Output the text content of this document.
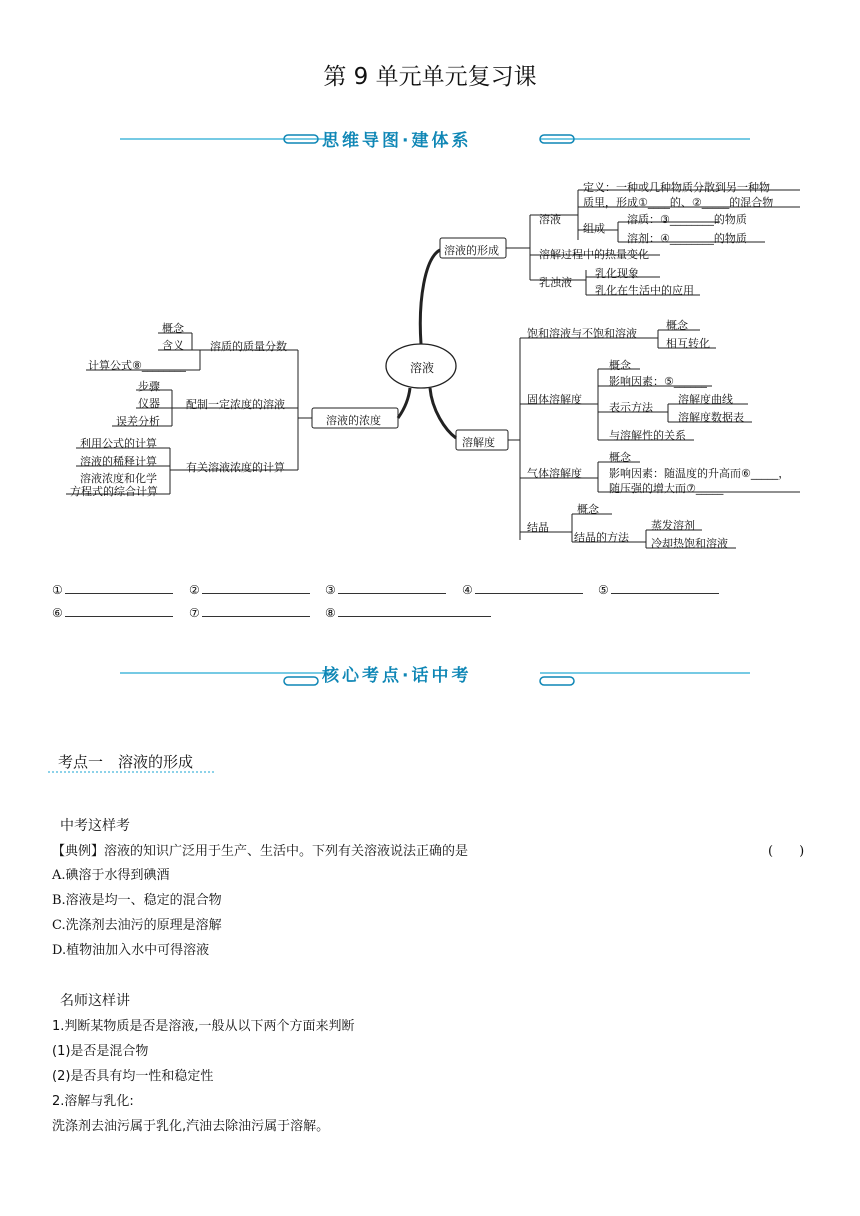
第 9 单元单元复习课
思维导图·建体系
核心考点·话中考
溶液
溶液的形成
溶液
定义：一种或几种物质分散到另一种物
质里，形成①____的、②_____的混合物
组成
溶质：③________的物质
溶剂：④________的物质
溶解过程中的热量变化
乳浊液
乳化现象
乳化在生活中的应用
溶解度
饱和溶液与不饱和溶液
概念
相互转化
固体溶解度
概念
影响因素：⑤______
表示方法
溶解度曲线
溶解度数据表
与溶解性的关系
气体溶解度
概念
影响因素：随温度的升高而⑥_____，
随压强的增大而⑦_____
结晶
概念
结晶的方法
蒸发溶剂
冷却热饱和溶液
溶液的浓度
溶质的质量分数
概念
含义
计算公式⑧________
配制一定浓度的溶液
步骤
仪器
误差分析
有关溶液浓度的计算
利用公式的计算
溶液的稀释计算
溶液浓度和化学
方程式的综合计算
①	②	③	④	⑤
⑥	⑦	⑧
考点一　溶液的形成
中考这样考
【典例】溶液的知识广泛用于生产、生活中。下列有关溶液说法正确的是	(　　)
A.碘溶于水得到碘酒
B.溶液是均一、稳定的混合物
C.洗涤剂去油污的原理是溶解
D.植物油加入水中可得溶液
名师这样讲
1.判断某物质是否是溶液,一般从以下两个方面来判断
(1)是否是混合物
(2)是否具有均一性和稳定性
2.溶解与乳化:
洗涤剂去油污属于乳化,汽油去除油污属于溶解。
